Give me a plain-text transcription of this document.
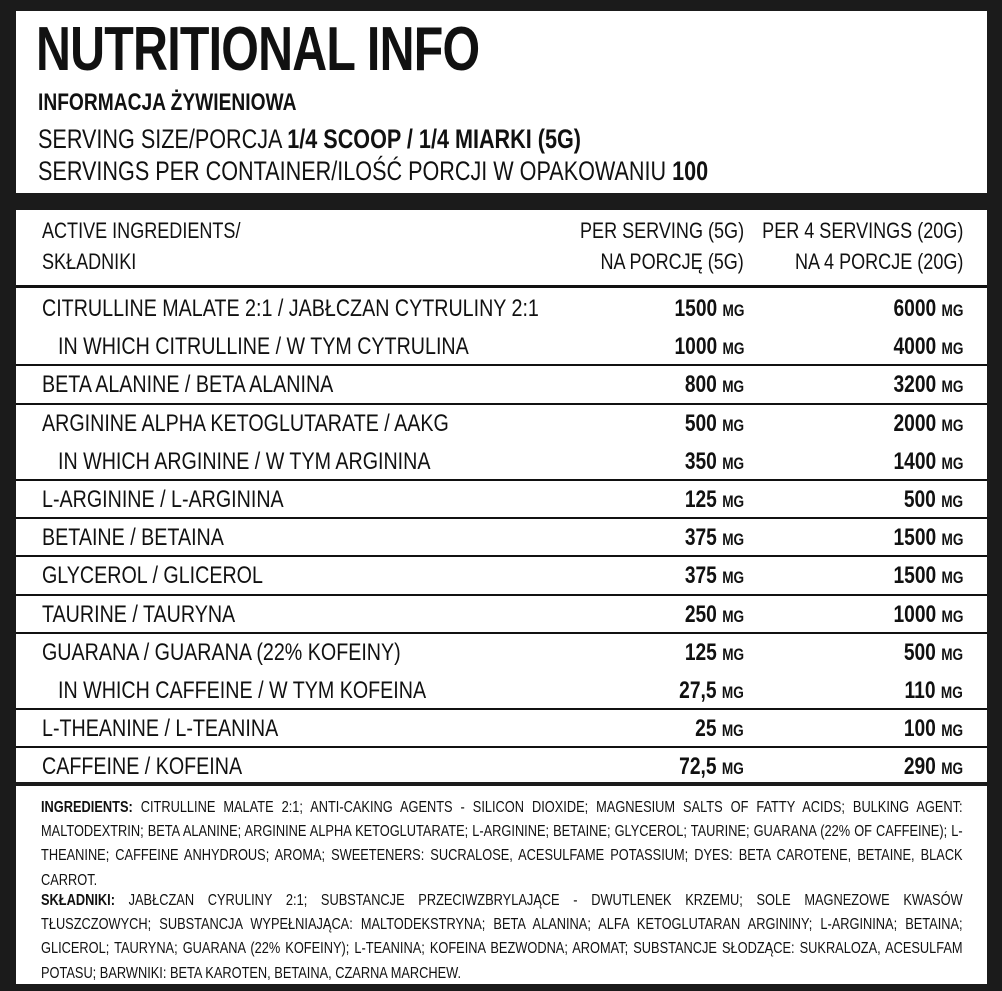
NUTRITIONAL INFO
INFORMACJA ŻYWIENIOWA
SERVING SIZE/PORCJA 1/4 SCOOP / 1/4 MIARKI (5G)
SERVINGS PER CONTAINER/ILOŚĆ PORCJI W OPAKOWANIU 100
ACTIVE INGREDIENTS/
SKŁADNIKI
PER SERVING (5G)
NA PORCJĘ (5G)
PER 4 SERVINGS (20G)
NA 4 PORCJE (20G)
CITRULLINE MALATE 2:1 / JABŁCZAN CYTRULINY 2:1	1500 MG	6000 MG
IN WHICH CITRULLINE / W TYM CYTRULINA	1000 MG	4000 MG
BETA ALANINE / BETA ALANINA	800 MG	3200 MG
ARGININE ALPHA KETOGLUTARATE / AAKG	500 MG	2000 MG
IN WHICH ARGININE / W TYM ARGININA	350 MG	1400 MG
L-ARGININE / L-ARGININA	125 MG	500 MG
BETAINE / BETAINA	375 MG	1500 MG
GLYCEROL / GLICEROL	375 MG	1500 MG
TAURINE / TAURYNA	250 MG	1000 MG
GUARANA / GUARANA (22% KOFEINY)	125 MG	500 MG
IN WHICH CAFFEINE / W TYM KOFEINA	27,5 MG	110 MG
L-THEANINE / L-TEANINA	25 MG	100 MG
CAFFEINE / KOFEINA	72,5 MG	290 MG
INGREDIENTS: CITRULLINE MALATE 2:1; ANTI-CAKING AGENTS - SILICON DIOXIDE; MAGNESIUM SALTS OF FATTY ACIDS; BULKING AGENT: MALTODEXTRIN; BETA ALANINE; ARGININE ALPHA KETOGLUTARATE; L-ARGININE; BETAINE; GLYCEROL; TAURINE; GUARANA (22% OF CAFFEINE); L-THEANINE; CAFFEINE ANHYDROUS; AROMA; SWEETENERS: SUCRALOSE, ACESULFAME POTASSIUM; DYES: BETA CAROTENE, BETAINE, BLACK CARROT.
SKŁADNIKI: JABŁCZAN CYRULINY 2:1; SUBSTANCJE PRZECIWZBRYLAJĄCE - DWUTLENEK KRZEMU; SOLE MAGNEZOWE KWASÓW TŁUSZCZOWYCH; SUBSTANCJA WYPEŁNIAJĄCA: MALTODEKSTRYNA; BETA ALANINA; ALFA KETOGLUTARAN ARGININY; L-ARGININA; BETAINA; GLICEROL; TAURYNA; GUARANA (22% KOFEINY); L-TEANINA; KOFEINA BEZWODNA; AROMAT; SUBSTANCJE SŁODZĄCE: SUKRALOZA, ACESULFAM POTASU; BARWNIKI: BETA KAROTEN, BETAINA, CZARNA MARCHEW.
